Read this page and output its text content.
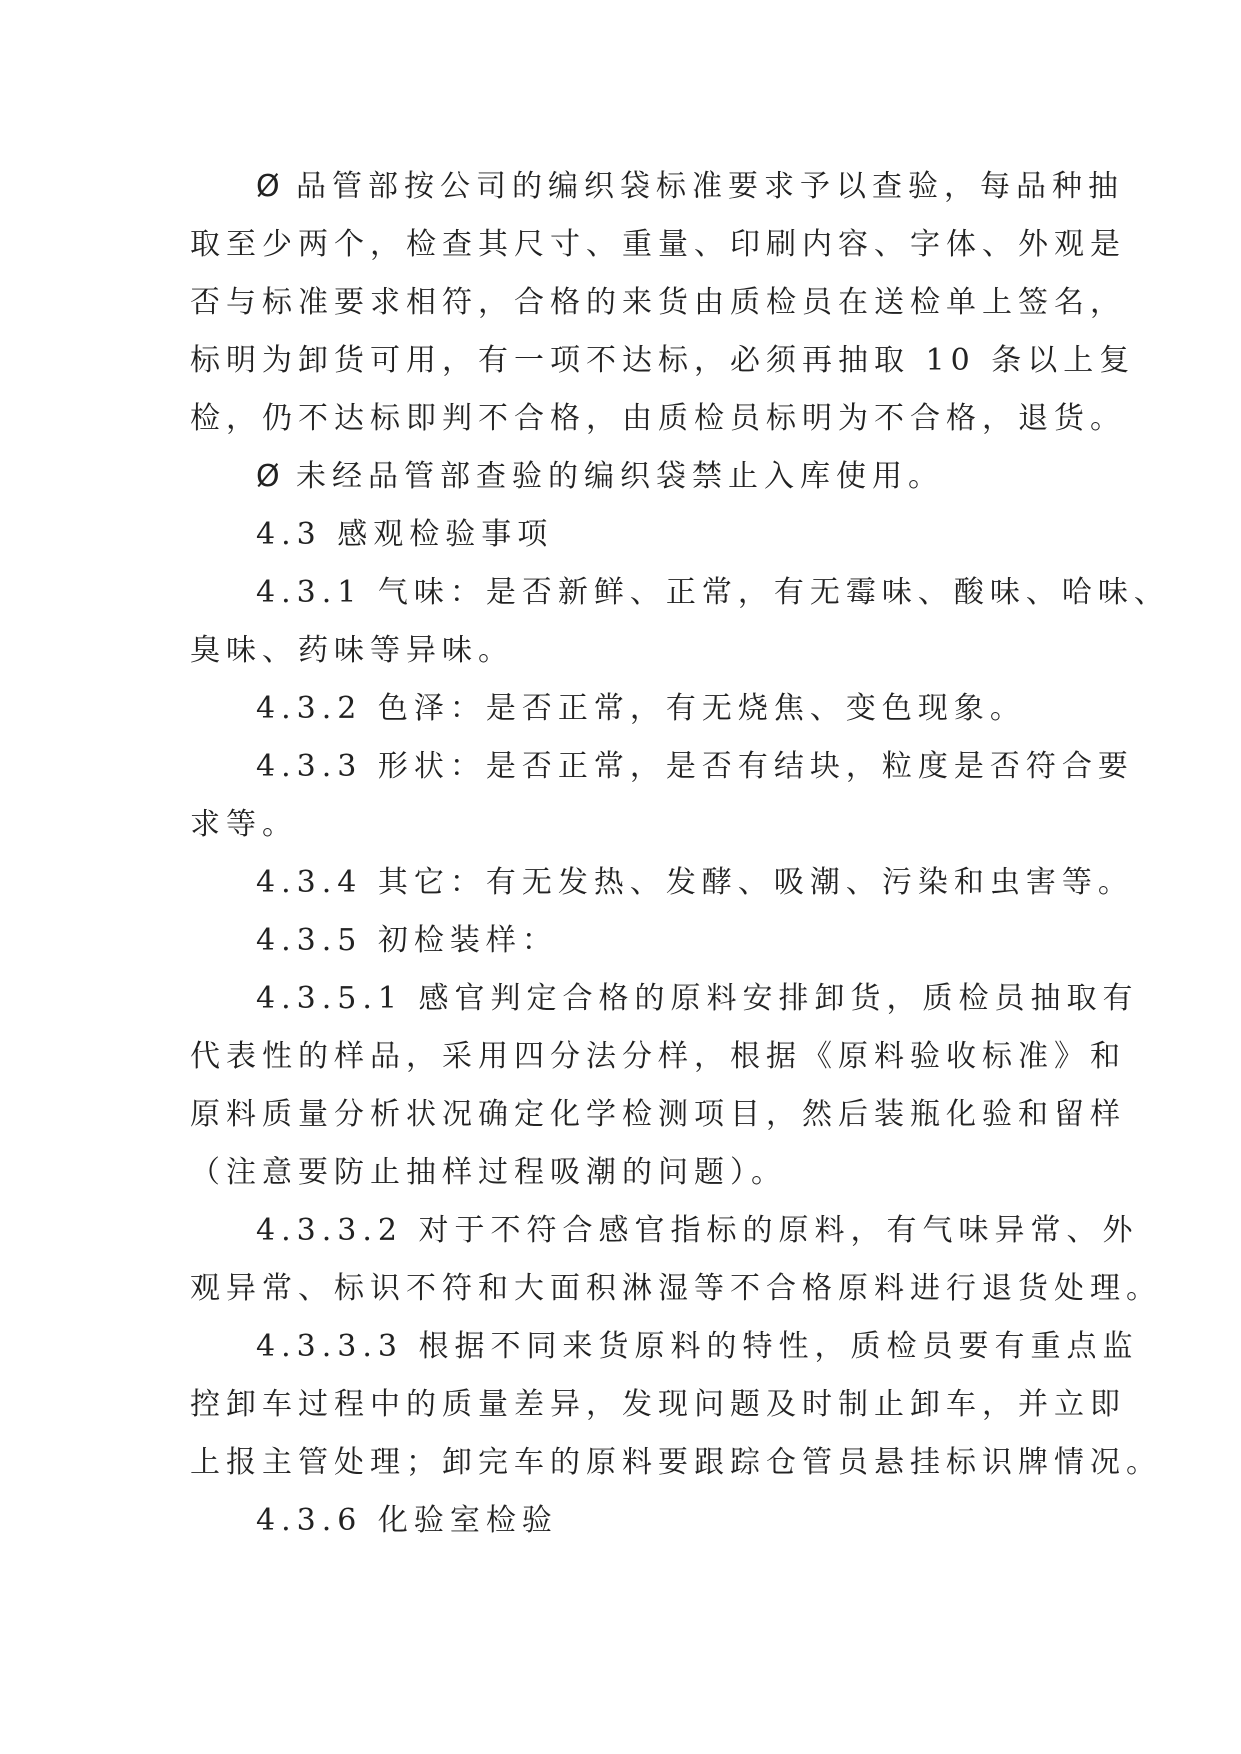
Ø 品管部按公司的编织袋标准要求予以查验，每品种抽
取至少两个，检查其尺寸、重量、印刷内容、字体、外观是
否与标准要求相符，合格的来货由质检员在送检单上签名，
标明为卸货可用，有一项不达标，必须再抽取 10 条以上复
检，仍不达标即判不合格，由质检员标明为不合格，退货。
Ø 未经品管部查验的编织袋禁止入库使用。
4.3 感观检验事项
4.3.1 气味：是否新鲜、正常，有无霉味、酸味、哈味、
臭味、药味等异味。
4.3.2 色泽：是否正常，有无烧焦、变色现象。
4.3.3 形状：是否正常，是否有结块，粒度是否符合要
求等。
4.3.4 其它：有无发热、发酵、吸潮、污染和虫害等。
4.3.5 初检装样：
4.3.5.1 感官判定合格的原料安排卸货，质检员抽取有
代表性的样品，采用四分法分样，根据《原料验收标准》和
原料质量分析状况确定化学检测项目，然后装瓶化验和留样
（注意要防止抽样过程吸潮的问题）。
4.3.3.2 对于不符合感官指标的原料，有气味异常、外
观异常、标识不符和大面积淋湿等不合格原料进行退货处理。
4.3.3.3 根据不同来货原料的特性，质检员要有重点监
控卸车过程中的质量差异，发现问题及时制止卸车，并立即
上报主管处理；卸完车的原料要跟踪仓管员悬挂标识牌情况。
4.3.6 化验室检验
